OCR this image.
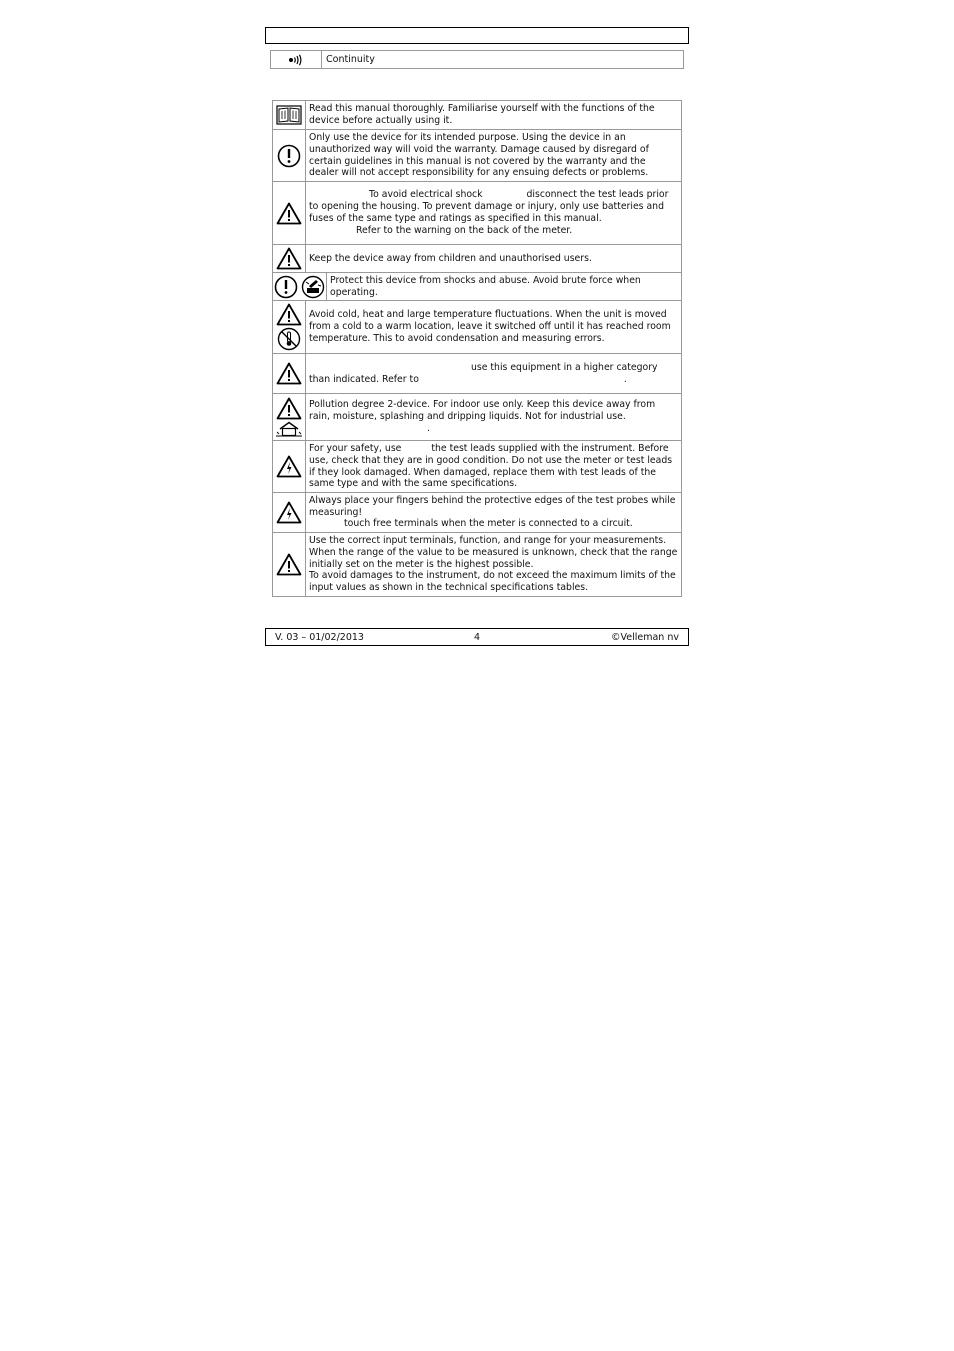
Continuity
	Read this manual thoroughly. Familiarise yourself with the functions of the device before actually using it.

	Only use the device for its intended purpose. Using the device in an unauthorized way will void the warranty. Damage caused by disregard of certain guidelines in this manual is not covered by the warranty and the dealer will not accept responsibility for any ensuing defects or problems.

	To avoid electrical shock	disconnect the test leads prior to opening the housing. To prevent damage or injury, only use batteries and fuses of the same type and ratings as specified in this manual.
Refer to the warning on the back of the meter.

	Keep the device away from children and unauthorised users.

	Protect this device from shocks and abuse. Avoid brute force when operating.

	Avoid cold, heat and large temperature fluctuations. When the unit is moved from a cold to a warm location, leave it switched off until it has reached room temperature. This to avoid condensation and measuring errors.

	use this equipment in a higher category
than indicated. Refer to	.

	Pollution degree 2-device. For indoor use only. Keep this device away from rain, moisture, splashing and dripping liquids. Not for industrial use.
.

	For your safety, use	the test leads supplied with the instrument. Before use, check that they are in good condition. Do not use the meter or test leads if they look damaged. When damaged, replace them with test leads of the same type and with the same specifications.

	Always place your fingers behind the protective edges of the test probes while measuring!
touch free terminals when the meter is connected to a circuit.

	Use the correct input terminals, function, and range for your measurements. When the range of the value to be measured is unknown, check that the range initially set on the meter is the highest possible.
To avoid damages to the instrument, do not exceed the maximum limits of the input values as shown in the technical specifications tables.
V. 03 – 01/02/2013	4	©Velleman nv
